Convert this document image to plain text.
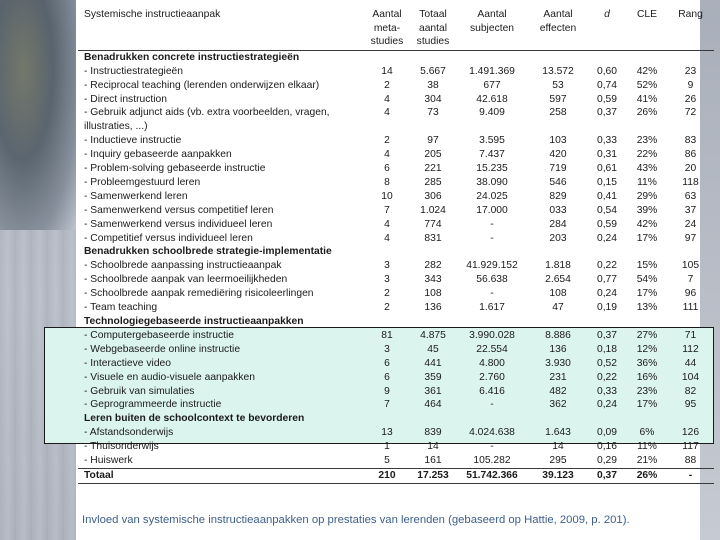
Systemische instructieaanpak	Aantal
meta-
studies	Totaal
aantal
studies	Aantal
subjecten	Aantal
effecten	d	CLE	Rang
Benadrukken concrete instructiestrategieën							
- Instructiestrategieën	14	5.667	1.491.369	13.572	0,60	42%	23
- Reciprocal teaching (lerenden onderwijzen elkaar)	2	38	677	53	0,74	52%	9
- Direct instruction	4	304	42.618	597	0,59	41%	26
- Gebruik adjunct aids (vb. extra voorbeelden, vragen, illustraties, ...)	4	73	9.409	258	0,37	26%	72
- Inductieve instructie	2	97	3.595	103	0,33	23%	83
- Inquiry gebaseerde aanpakken	4	205	7.437	420	0,31	22%	86
- Problem-solving gebaseerde instructie	6	221	15.235	719	0,61	43%	20
- Probleemgestuurd leren	8	285	38.090	546	0,15	11%	118
- Samenwerkend leren	10	306	24.025	829	0,41	29%	63
- Samenwerkend versus competitief leren	7	1.024	17.000	033	0,54	39%	37
- Samenwerkend versus individueel leren	4	774	-	284	0,59	42%	24
- Competitief versus individueel leren	4	831	-	203	0,24	17%	97
Benadrukken schoolbrede strategie-implementatie							
- Schoolbrede aanpassing instructieaanpak	3	282	41.929.152	1.818	0,22	15%	105
- Schoolbrede aanpak van leermoeilijkheden	3	343	56.638	2.654	0,77	54%	7
- Schoolbrede aanpak remediëring risicoleerlingen	2	108	-	108	0,24	17%	96
- Team teaching	2	136	1.617	47	0,19	13%	111
Technologiegebaseerde instructieaanpakken							
- Computergebaseerde instructie	81	4.875	3.990.028	8.886	0,37	27%	71
- Webgebaseerde online instructie	3	45	22.554	136	0,18	12%	112
- Interactieve video	6	441	4.800	3.930	0,52	36%	44
- Visuele en audio-visuele aanpakken	6	359	2.760	231	0,22	16%	104
- Gebruik van simulaties	9	361	6.416	482	0,33	23%	82
- Geprogrammeerde instructie	7	464	-	362	0,24	17%	95
Leren buiten de schoolcontext te bevorderen							
- Afstandsonderwijs	13	839	4.024.638	1.643	0,09	6%	126
- Thuisonderwijs	1	14	-	14	0,16	11%	117
- Huiswerk	5	161	105.282	295	0,29	21%	88
Totaal	210	17.253	51.742.366	39.123	0,37	26%	-
Invloed van systemische instructieaanpakken op prestaties van lerenden (gebaseerd op Hattie, 2009, p. 201).
